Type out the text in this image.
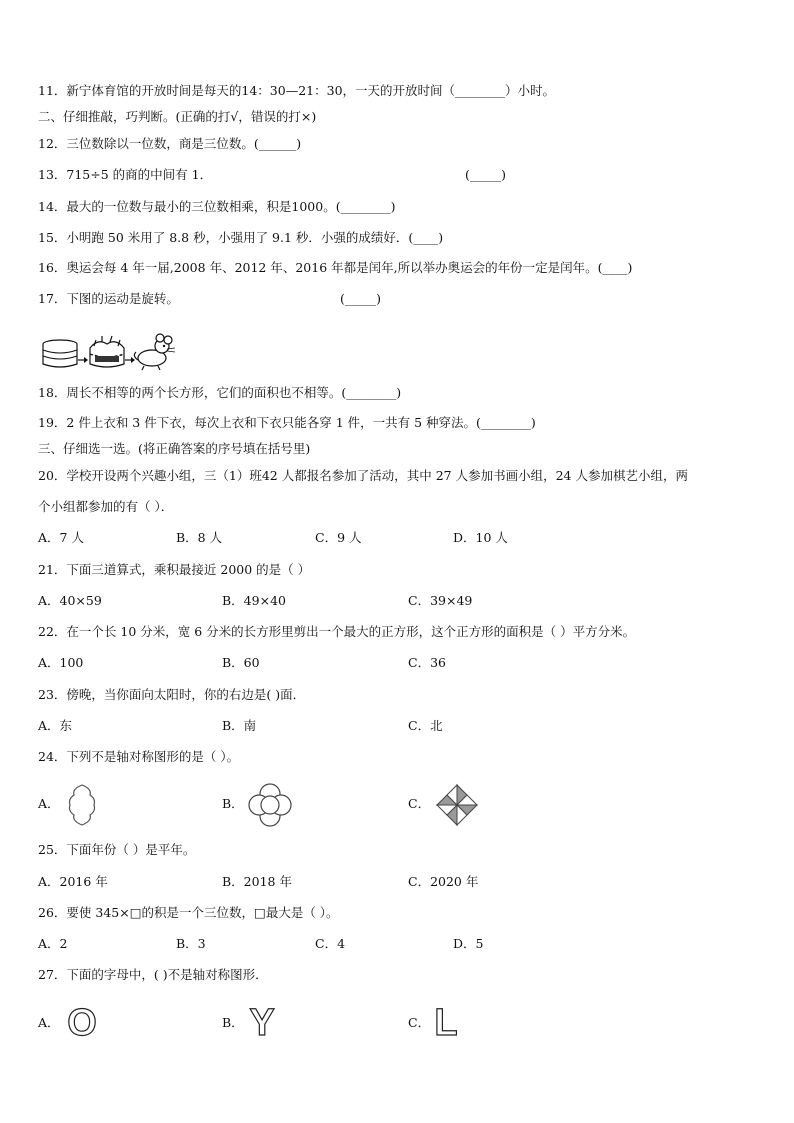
11．新宁体育馆的开放时间是每天的14：30—21：30，一天的开放时间（________）小时。
二、仔细推敲，巧判断。(正确的打√，错误的打×)
12．三位数除以一位数，商是三位数。(______)
13．715÷5 的商的中间有 1．	(_____)
14．最大的一位数与最小的三位数相乘，积是1000。(________)
15．小明跑 50 米用了 8.8 秒，小强用了 9.1 秒．小强的成绩好．(____)
16．奥运会每 4 年一届,2008 年、2012 年、2016 年都是闰年,所以举办奥运会的年份一定是闰年。(____)
17．下图的运动是旋转。	(_____)
18．周长不相等的两个长方形，它们的面积也不相等。(________)
19．2 件上衣和 3 件下衣，每次上衣和下衣只能各穿 1 件，一共有 5 种穿法。(________)
三、仔细选一选。(将正确答案的序号填在括号里)
20．学校开设两个兴趣小组，三（1）班42 人都报名参加了活动，其中 27 人参加书画小组，24 人参加棋艺小组，两
个小组都参加的有（ ）．
A．7 人	B．8 人	C．9 人	D．10 人
21．下面三道算式，乘积最接近 2000 的是（ ）
A．40×59	B．49×40	C．39×49
22．在一个长 10 分米，宽 6 分米的长方形里剪出一个最大的正方形，这个正方形的面积是（ ）平方分米。
A．100	B．60	C．36
23．傍晚，当你面向太阳时，你的右边是( )面．
A．东	B．南	C．北
24．下列不是轴对称图形的是（ ）。
A．	B．	C．
25．下面年份（ ）是平年。
A．2016 年	B．2018 年	C．2020 年
26．要使 345×□的积是一个三位数，□最大是（ ）。
A．2	B．3	C．4	D．5
27．下面的字母中，( )不是轴对称图形．
A． O	B． Y	C． L
